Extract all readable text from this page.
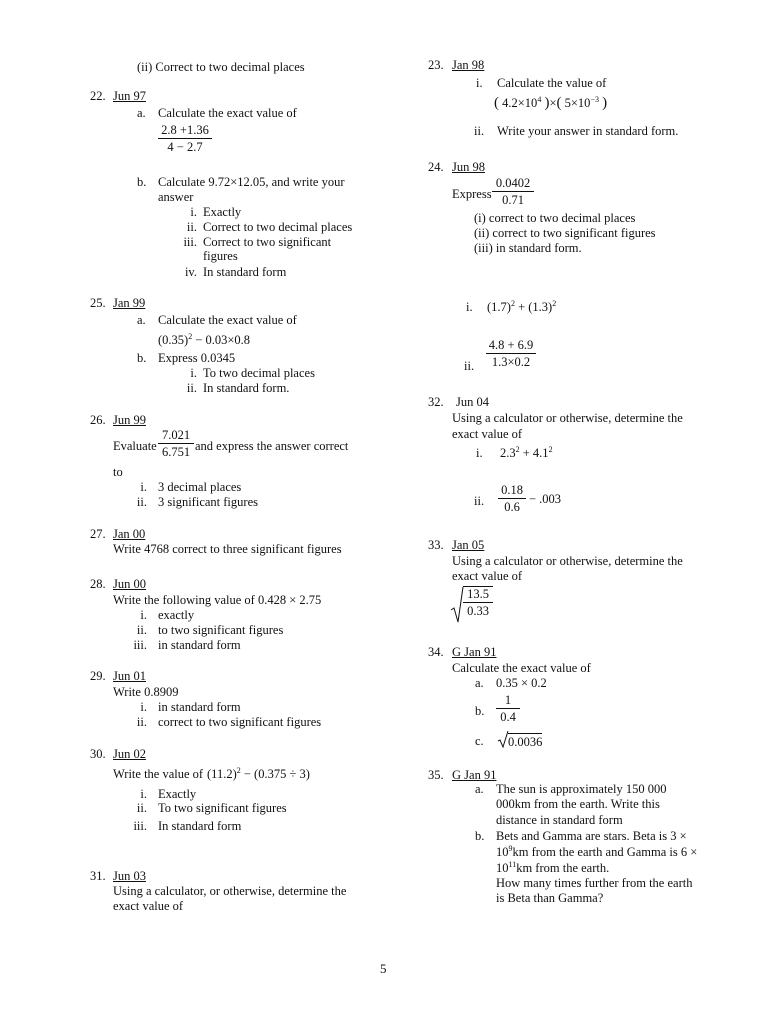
(ii) Correct to two decimal places
22. Jun 97
a. Calculate the exact value of
$\frac{2.8 +1.36}{4 - 2.7}$
b. Calculate 9.72×12.05, and write your
answer
i. Exactly
ii. Correct to two decimal places
iii. Correct to two significant
figures
iv. In standard form
25. Jan 99
a. Calculate the exact value of
$(0.35)^2 - 0.03\times 0.8$
b. Express 0.0345
i. To two decimal places
ii. In standard form.
26. Jun 99
Evaluate $\frac{7.021}{6.751}$ and express the answer correct
to
i. 3 decimal places
ii. 3 significant figures
27. Jan 00
Write 4768 correct to three significant figures
28. Jun 00
Write the following value of 0.428 × 2.75
i. exactly
ii. to two significant figures
iii. in standard form
29. Jun 01
Write 0.8909
i. in standard form
ii. correct to two significant figures
30. Jun 02
Write the value of $(11.2)^2 - (0.375 \div 3)$
i. Exactly
ii. To two significant figures
iii. In standard form
31. Jun 03
Using a calculator, or otherwise, determine the
exact value of
23. Jan 98
i. Calculate the value of
( $4.2\times 10^4$ )×( $5\times 10^{-3}$ )
ii. Write your answer in standard form.
24. Jun 98
Express $\frac{0.0402}{0.71}$
(i) correct to two decimal places
(ii) correct to two significant figures
(iii) in standard form.
i. $(1.7)^2 + (1.3)^2$
ii. $\frac{4.8 + 6.9}{1.3\times 0.2}$
32. Jun 04
Using a calculator or otherwise, determine the
exact value of
i. $2.3^2 + 4.1^2$
ii. $\frac{0.18}{0.6} - .003$
33. Jan 05
Using a calculator or otherwise, determine the
exact value of
$\frac{13.5}{0.33}$
34. G Jan 91
Calculate the exact value of
a. 0.35 × 0.2
b. $\frac{1}{0.4}$
c. 0.0036
35. G Jan 91
a. The sun is approximately 150 000
000km from the earth. Write this
distance in standard form
b. Bets and Gamma are stars. Beta is 3 ×
$10^9km$ from the earth and Gamma is 6 ×
$10^{11}km$ from the earth.
How many times further from the earth
is Beta than Gamma?
5
